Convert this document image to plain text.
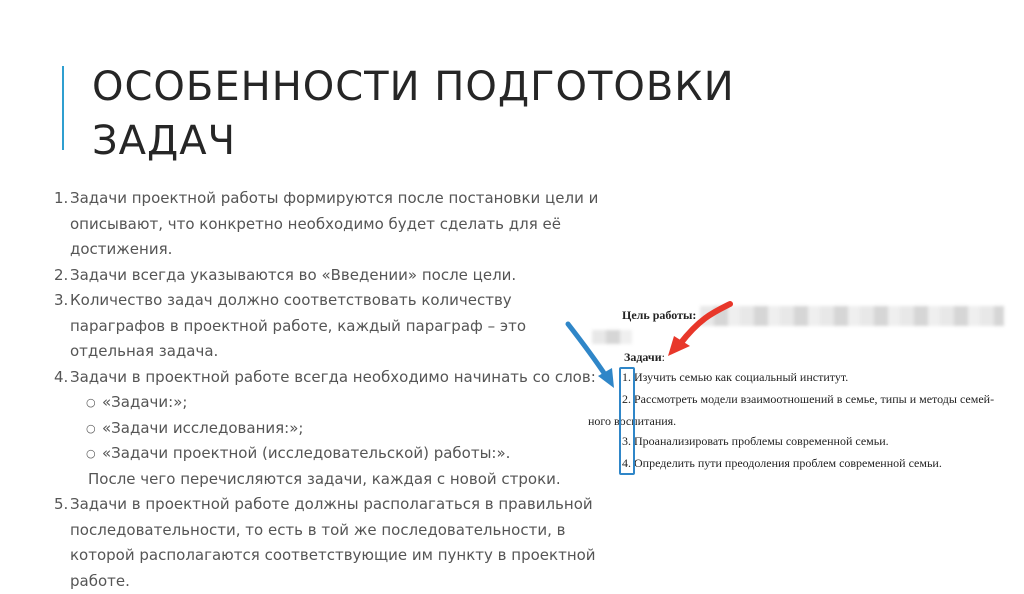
ОСОБЕННОСТИ ПОДГОТОВКИ ЗАДАЧ
1. Задачи проектной работы формируются после постановки цели и описывают, что конкретно необходимо будет сделать для её достижения.
2. Задачи всегда указываются во «Введении» после цели.
3. Количество задач должно соответствовать количеству параграфов в проектной работе, каждый параграф – это отдельная задача.
4. Задачи в проектной работе всегда необходимо начинать со слов:
○ «Задачи:»;
○ «Задачи исследования:»;
○ «Задачи проектной (исследовательской) работы:».
После чего перечисляются задачи, каждая с новой строки.
5. Задачи в проектной работе должны располагаться в правильной последовательности, то есть в той же последовательности, в которой располагаются соответствующие им пункту в проектной работе.
Цель работы:
Задачи:
1. Изучить семью как социальный институт.
2. Рассмотреть модели взаимоотношений в семье, типы и методы семей-
ного воспитания.
3. Проанализировать проблемы современной семьи.
4. Определить пути преодоления проблем современной семьи.
